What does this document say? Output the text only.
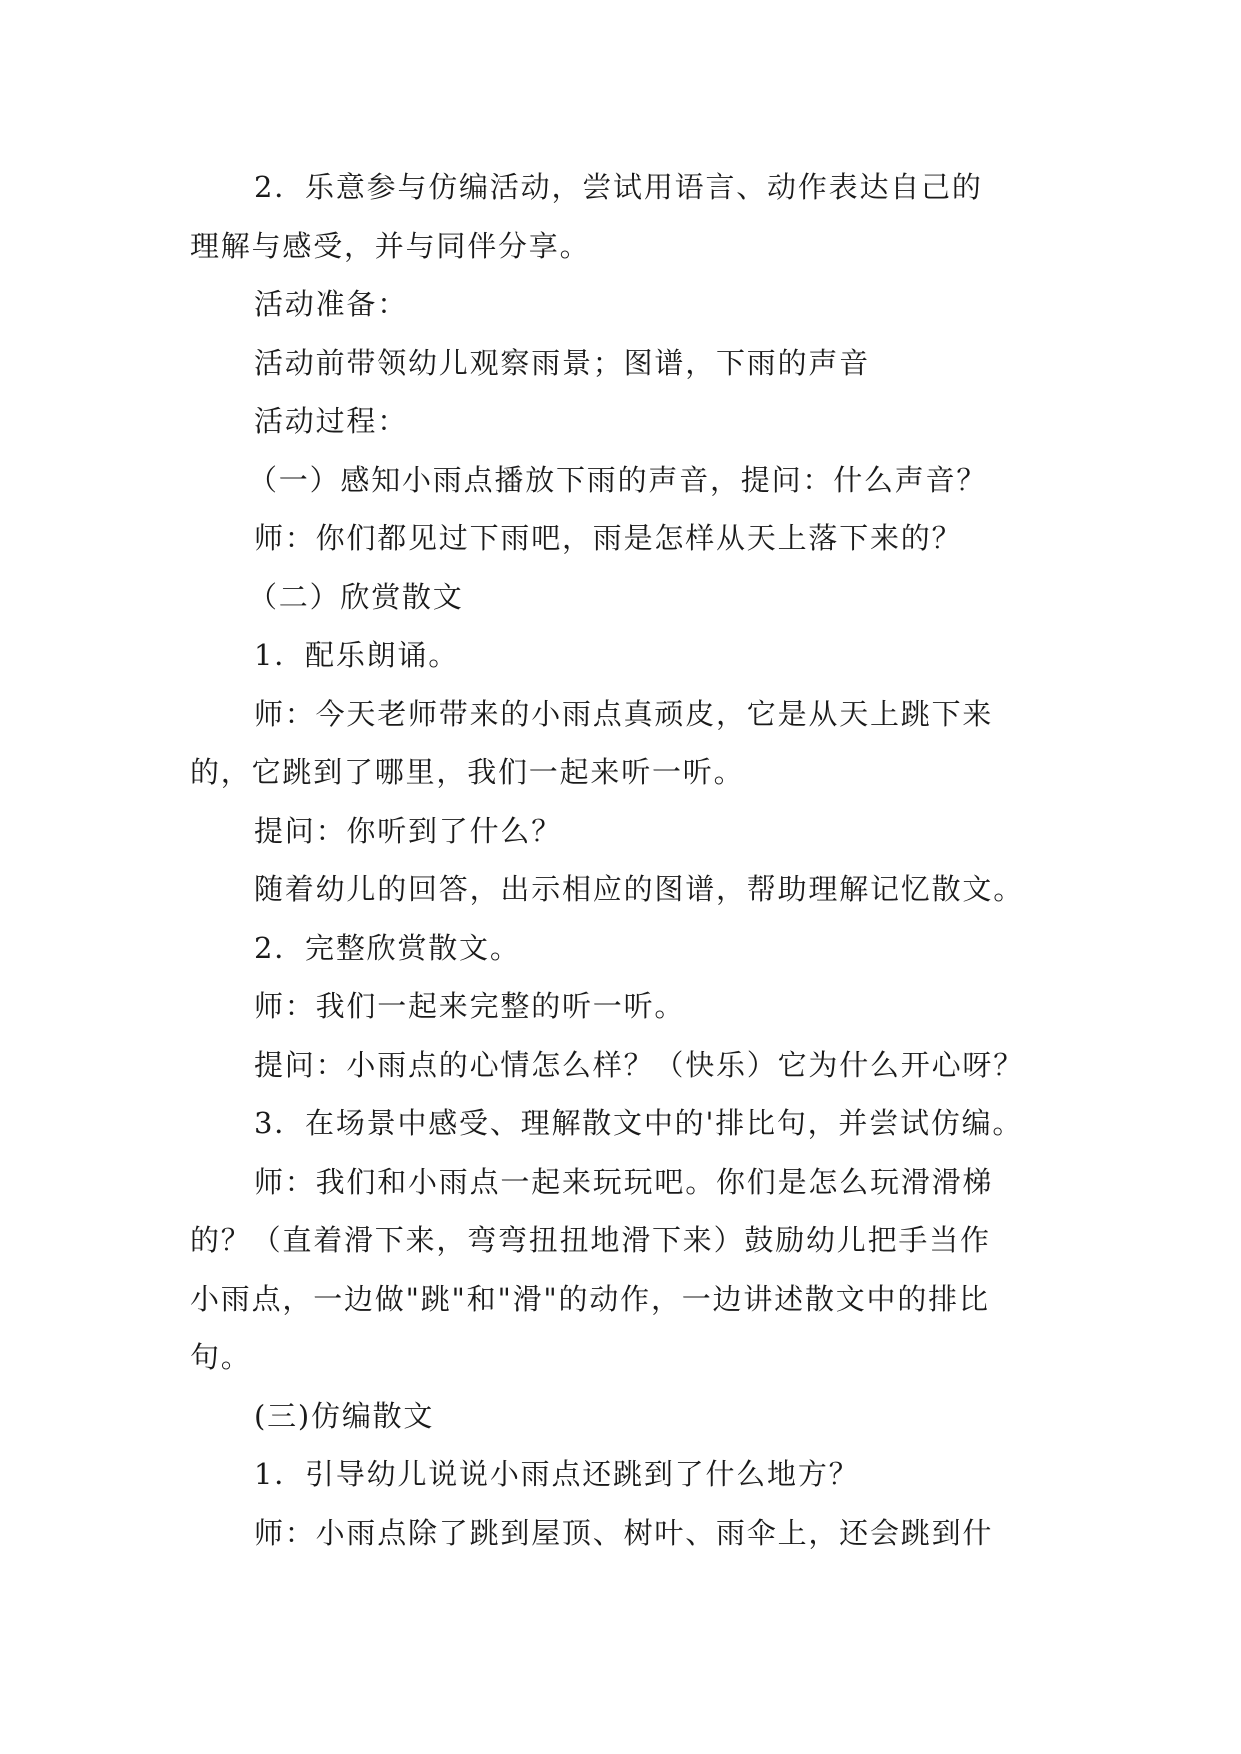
2．乐意参与仿编活动，尝试用语言、动作表达自己的

理解与感受，并与同伴分享。

活动准备：

活动前带领幼儿观察雨景；图谱，下雨的声音

活动过程：

（一）感知小雨点播放下雨的声音，提问：什么声音？

师：你们都见过下雨吧，雨是怎样从天上落下来的？

（二）欣赏散文

1．配乐朗诵。

师：今天老师带来的小雨点真顽皮，它是从天上跳下来

的，它跳到了哪里，我们一起来听一听。

提问：你听到了什么？

随着幼儿的回答，出示相应的图谱，帮助理解记忆散文。

2．完整欣赏散文。

师：我们一起来完整的听一听。

提问：小雨点的心情怎么样？（快乐）它为什么开心呀？

3．在场景中感受、理解散文中的'排比句，并尝试仿编。

师：我们和小雨点一起来玩玩吧。你们是怎么玩滑滑梯

的？（直着滑下来，弯弯扭扭地滑下来）鼓励幼儿把手当作

小雨点，一边做"跳"和"滑"的动作，一边讲述散文中的排比

句。

(三)仿编散文

1．引导幼儿说说小雨点还跳到了什么地方？

师：小雨点除了跳到屋顶、树叶、雨伞上，还会跳到什
